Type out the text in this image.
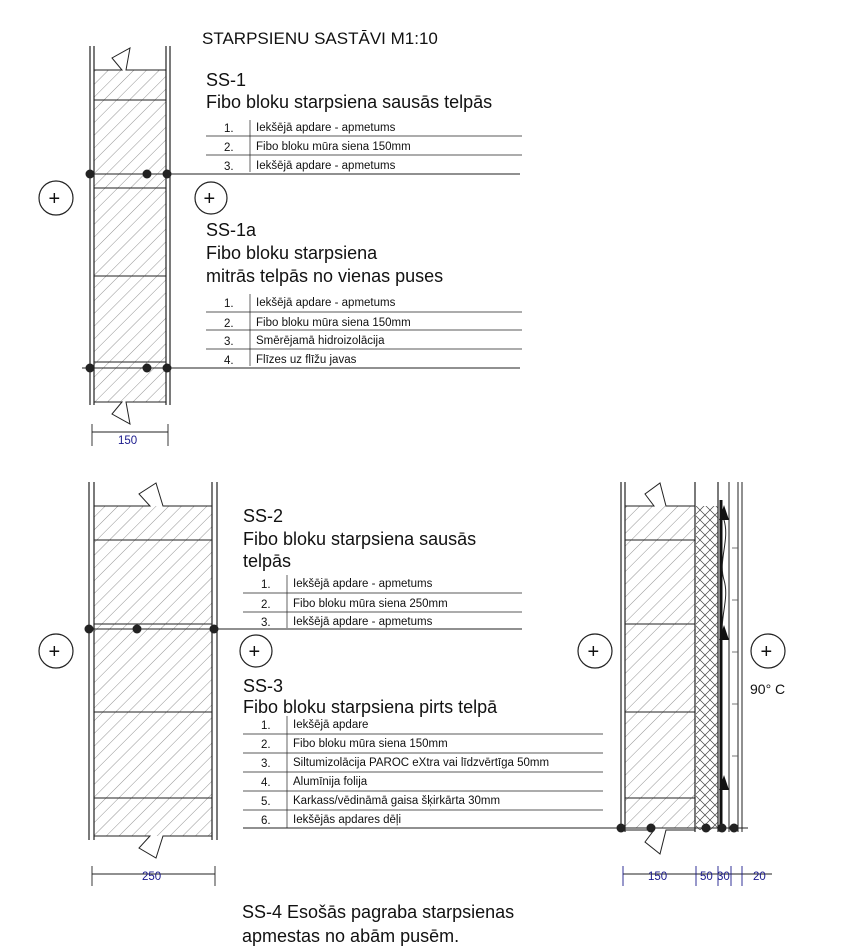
STARPSIENU SASTĀVI M1:10
150
+	+
SS-1
Fibo bloku starpsiena sausās telpās
1. Iekšējā apdare - apmetums
2. Fibo bloku mūra siena 150mm
3. Iekšējā apdare - apmetums
SS-1a
Fibo bloku starpsiena
mitrās telpās no vienas puses
1. Iekšējā apdare - apmetums
2. Fibo bloku mūra siena 150mm
3. Smērējamā hidroizolācija
4. Flīzes uz flīžu javas
250
+	+
SS-2
Fibo bloku starpsiena sausās
telpās
1. Iekšējā apdare - apmetums
2. Fibo bloku mūra siena 250mm
3. Iekšējā apdare - apmetums
SS-3
Fibo bloku starpsiena pirts telpā
1. Iekšējā apdare
2. Fibo bloku mūra siena 150mm
3. Siltumizolācija PAROC eXtra vai līdzvērtīga 50mm
4. Alumīnija folija
5. Karkass/vēdināmā gaisa šķirkārta 30mm
6. Iekšējās apdares dēļi
150	50 30 20
+	+
90° C
SS-4 Esošās pagraba starpsienas
apmestas no abām pusēm.
